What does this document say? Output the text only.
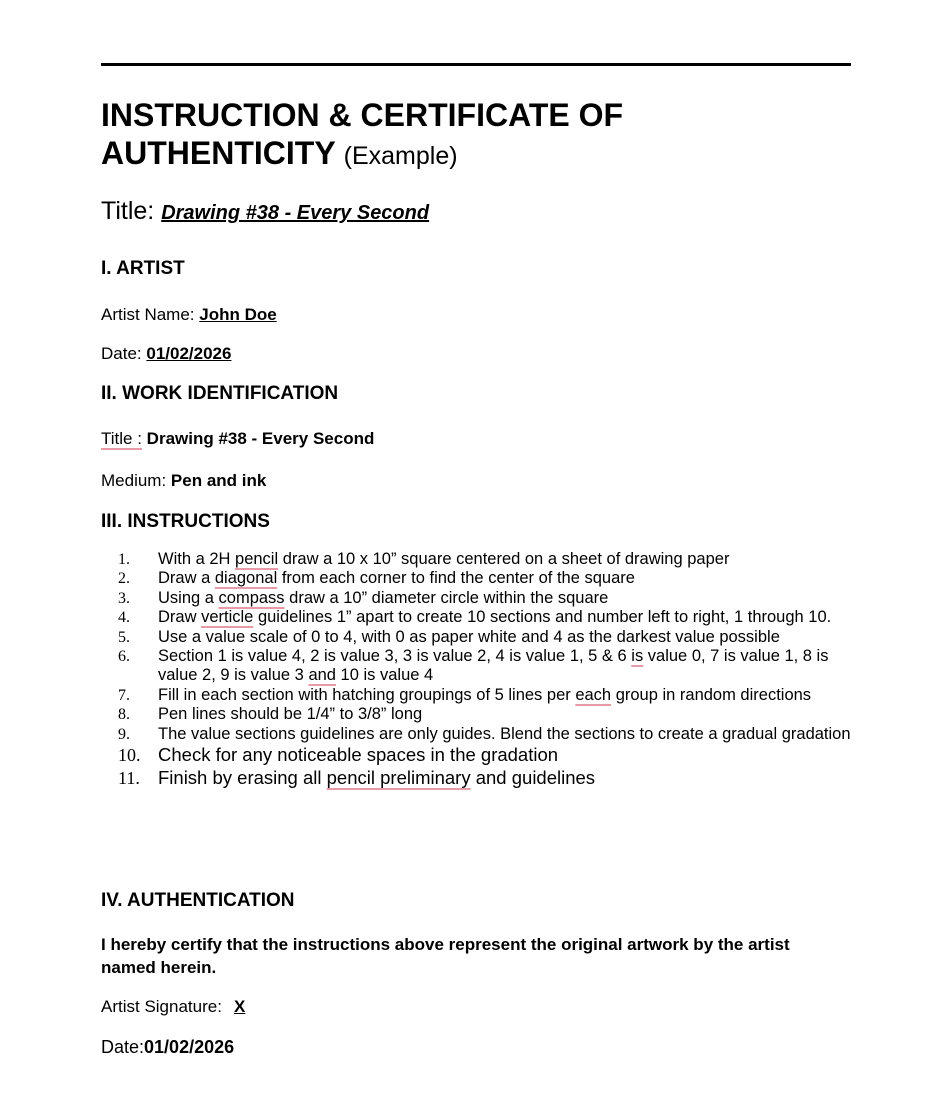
INSTRUCTION & CERTIFICATE OF
AUTHENTICITY (Example)
Title: Drawing #38 - Every Second
I. ARTIST
Artist Name: John Doe
Date: 01/02/2026
II. WORK IDENTIFICATION
Title : Drawing #38 - Every Second
Medium: Pen and ink
III. INSTRUCTIONS
1.	With a 2H pencil draw a 10 x 10” square centered on a sheet of drawing paper
2.	Draw a diagonal from each corner to find the center of the square
3.	Using a compass draw a 10” diameter circle within the square
4.	Draw verticle guidelines 1” apart to create 10 sections and number left to right, 1 through 10.
5.	Use a value scale of 0 to 4, with 0 as paper white and 4 as the darkest value possible
6.	Section 1 is value 4, 2 is value 3, 3 is value 2, 4 is value 1, 5 & 6 is value 0, 7 is value 1, 8 is value 2, 9 is value 3 and 10 is value 4
7.	Fill in each section with hatching groupings of 5 lines per each group in random directions
8.	Pen lines should be 1/4” to 3/8” long
9.	The value sections guidelines are only guides. Blend the sections to create a gradual gradation
10. Check for any noticeable spaces in the gradation
11. Finish by erasing all pencil preliminary and guidelines
IV. AUTHENTICATION
I hereby certify that the instructions above represent the original artwork by the artist named herein.
Artist Signature: X
Date:01/02/2026
